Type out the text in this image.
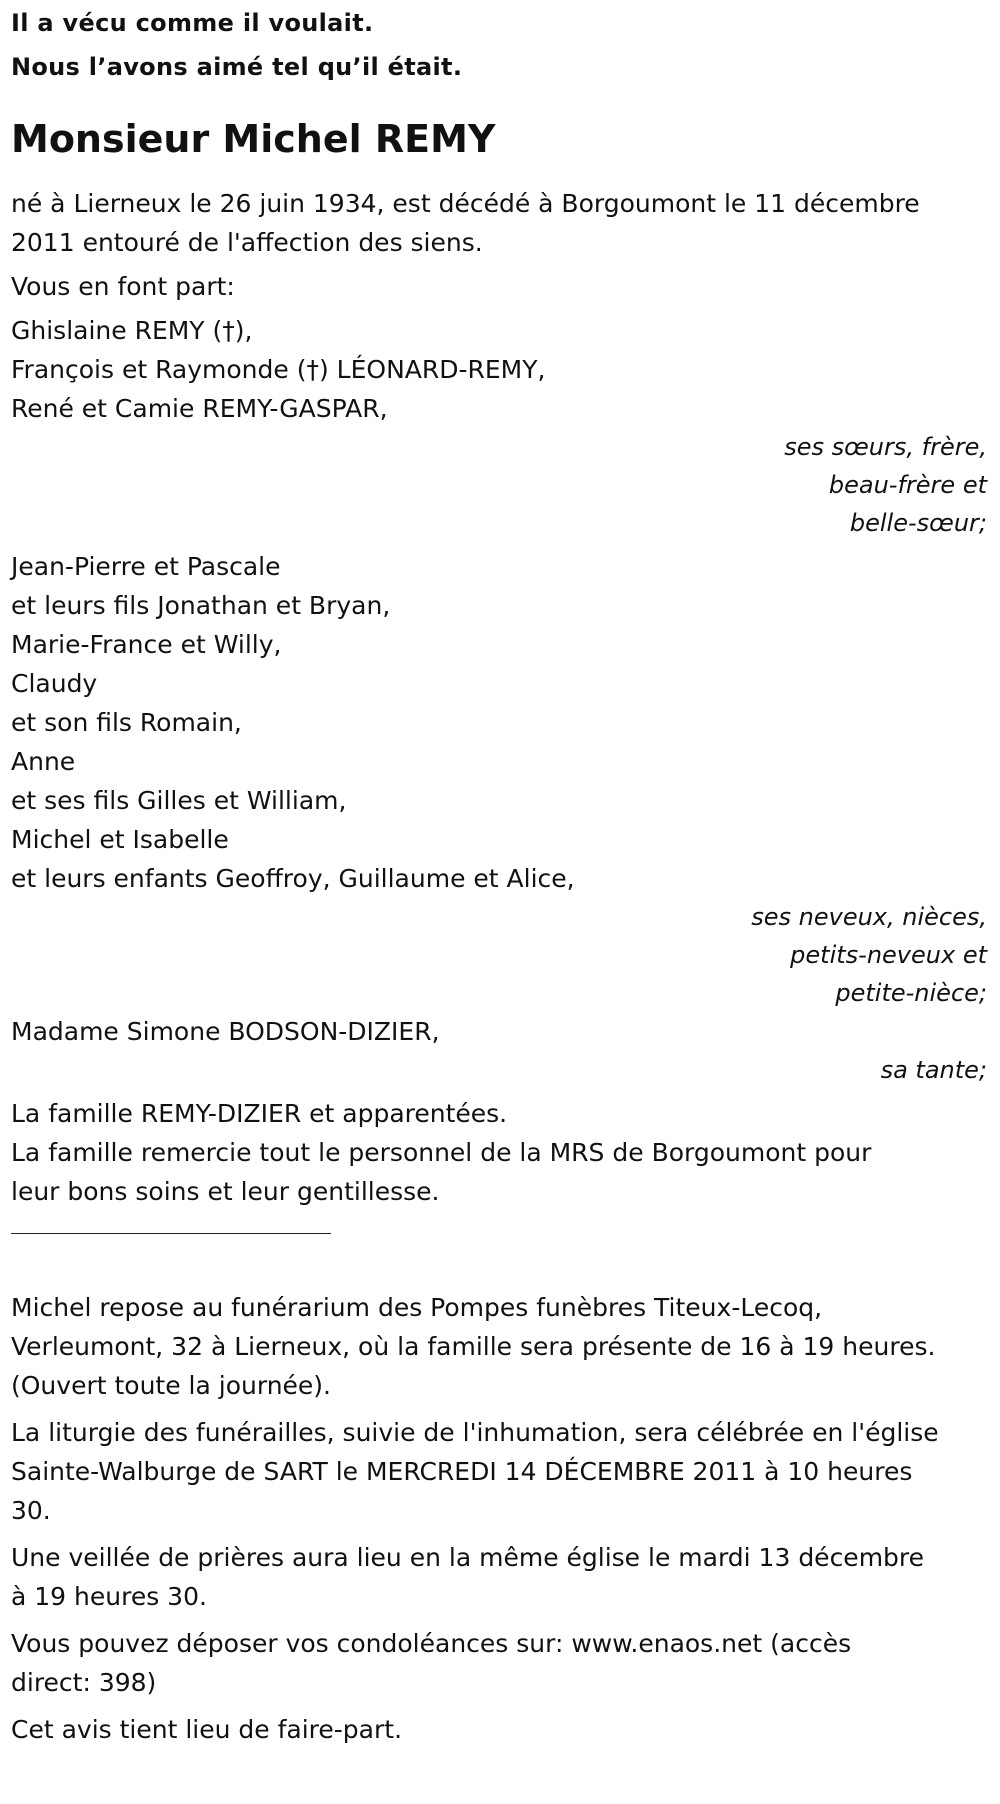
Il a vécu comme il voulait.
Nous l’avons aimé tel qu’il était.
Monsieur Michel REMY
né à Lierneux le 26 juin 1934, est décédé à Borgoumont le 11 décembre
2011 entouré de l'affection des siens.
Vous en font part:
Ghislaine REMY (†),
François et Raymonde (†) LÉONARD-REMY,
René et Camie REMY-GASPAR,
ses sœurs, frère,
beau-frère et
belle-sœur;
Jean-Pierre et Pascale
et leurs fils Jonathan et Bryan,
Marie-France et Willy,
Claudy
et son fils Romain,
Anne
et ses fils Gilles et William,
Michel et Isabelle
et leurs enfants Geoffroy, Guillaume et Alice,
ses neveux, nièces,
petits-neveux et
petite-nièce;
Madame Simone BODSON-DIZIER,
sa tante;
La famille REMY-DIZIER et apparentées.
La famille remercie tout le personnel de la MRS de Borgoumont pour
leur bons soins et leur gentillesse.
Michel repose au funérarium des Pompes funèbres Titeux-Lecoq,
Verleumont, 32 à Lierneux, où la famille sera présente de 16 à 19 heures.
(Ouvert toute la journée).
La liturgie des funérailles, suivie de l'inhumation, sera célébrée en l'église
Sainte-Walburge de SART le MERCREDI 14 DÉCEMBRE 2011 à 10 heures
30.
Une veillée de prières aura lieu en la même église le mardi 13 décembre
à 19 heures 30.
Vous pouvez déposer vos condoléances sur: www.enaos.net (accès
direct: 398)
Cet avis tient lieu de faire-part.
